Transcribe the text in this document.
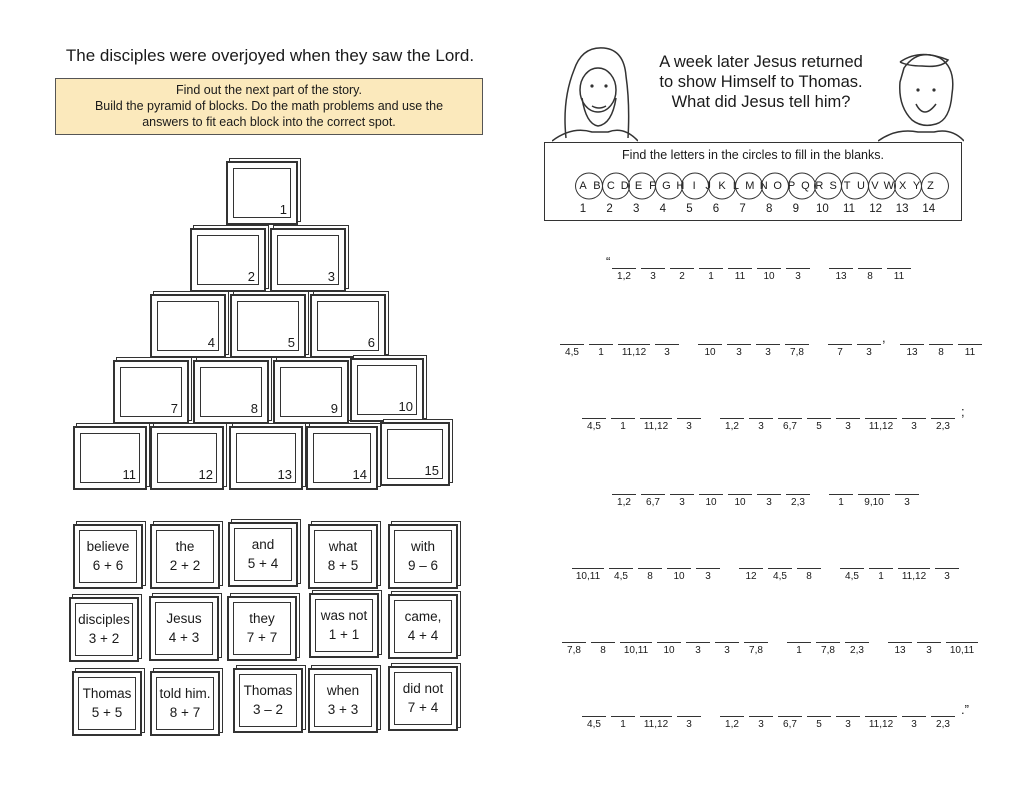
The disciples were overjoyed when they saw the Lord.
Find out the next part of the story.
Build the pyramid of blocks. Do the math problems and use the
answers to fit each block into the correct spot.
1
2	3
4	5	6
7	8	9	10
11	12	13	14	15
believe
6 + 6
the
2 + 2
and
5 + 4
what
8 + 5
with
9 – 6
disciples
3 + 2
Jesus
4 + 3
they
7 + 7
was not
1 + 1
came,
4 + 4
Thomas
5 + 5
told him.
8 + 7
Thomas
3 – 2
when
3 + 3
did not
7 + 4
A week later Jesus returned
to show Himself to Thomas.
What did Jesus tell him?
Find the letters in the circles to fill in the blanks.
A B C D E F G H I J K L M N O P Q R S T U V W X Y Z
1 2 3 4 5 6 7 8 9 10 11 12 13 14
“
1,2	3	2	1	11	10	3	13	8	11
4,5	1	11,12	3	10	3	3	7,8	7	3
,
13	8	11
4,5	1	11,12	3	1,2	3	6,7	5	3	11,12	3	2,3
;
1,2	6,7	3	10	10	3	2,3	1	9,10	3
10,11	4,5	8	10	3	12	4,5	8	4,5	1	11,12	3
7,8	8	10,11	10	3	3	7,8	1	7,8	2,3	13	3	10,11
4,5	1	11,12	3	1,2	3	6,7	5	3	11,12	3	2,3
.”
